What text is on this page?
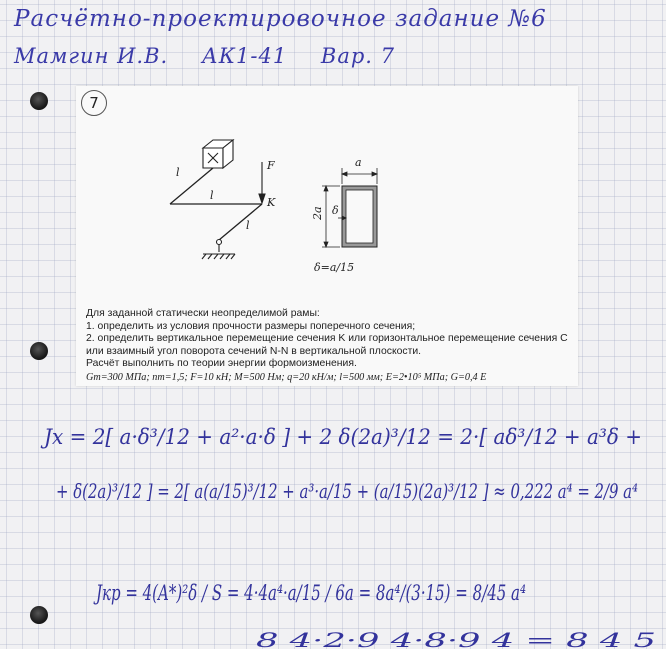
Расчётно-проектировочное задание №6
Мамгин И.В. АК1-41 Вар. 7
7
l
l
l
F
K
a
2a δ
δ=a/15

Для заданной статически неопределимой рамы:

1. определить из условия прочности размеры поперечного сечения;

2. определить вертикальное перемещение сечения K или горизонтальное перемещение сечения C или взаимный угол поворота сечений N-N в вертикальной плоскости.

Расчёт выполнить по теории энергии формоизменения.

Gт=300 МПа; nт=1,5; F=10 кН; M=500 Нм; q=20 кН/м; l=500 мм; E=2•10⁵ МПа; G=0,4 E

Jx = 2[ a·δ³/12 + a²·a·δ ] + 2 δ(2a)³/12 = 2·[ aδ³/12 + a³δ +
+ δ(2a)³/12 ] = 2[ a(a/15)³/12 + a³·a/15 + (a/15)(2a)³/12 ] ≈ 0,222 a⁴ = 2/9 a⁴
Jкр = 4(A*)²δ / S = 4·4a⁴·a/15 / 6a = 8a⁴/(3·15) = 8/45 a⁴
8 4·2·9 4·8·9 4 = 8 4 5
